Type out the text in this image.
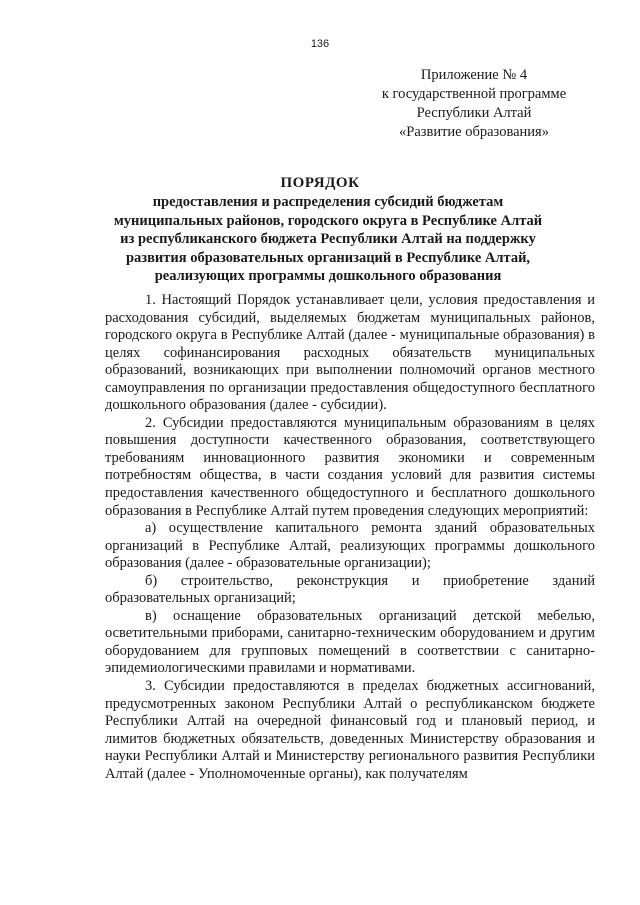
136
Приложение № 4
к государственной программе
Республики Алтай
«Развитие образования»
ПОРЯДОК
предоставления и распределения субсидий бюджетам
муниципальных районов, городского округа в Республике Алтай
из республиканского бюджета Республики Алтай на поддержку
развития образовательных организаций в Республике Алтай,
реализующих программы дошкольного образования

1. Настоящий Порядок устанавливает цели, условия предоставления и расходования субсидий, выделяемых бюджетам муниципальных районов, городского округа в Республике Алтай (далее - муниципальные образования) в целях софинансирования расходных обязательств муниципальных образований, возникающих при выполнении полномочий органов местного самоуправления по организации предоставления общедоступного бесплатного дошкольного образования (далее - субсидии).

2. Субсидии предоставляются муниципальным образованиям в целях повышения доступности качественного образования, соответствующего требованиям инновационного развития экономики и современным потребностям общества, в части создания условий для развития системы предоставления качественного общедоступного и бесплатного дошкольного образования в Республике Алтай путем проведения следующих мероприятий:

а) осуществление капитального ремонта зданий образовательных организаций в Республике Алтай, реализующих программы дошкольного образования (далее - образовательные организации);

б) строительство, реконструкция и приобретение зданий образовательных организаций;

в) оснащение образовательных организаций детской мебелью, осветительными приборами, санитарно-техническим оборудованием и другим оборудованием для групповых помещений в соответствии с санитарно-эпидемиологическими правилами и нормативами.

3. Субсидии предоставляются в пределах бюджетных ассигнований, предусмотренных законом Республики Алтай о республиканском бюджете Республики Алтай на очередной финансовый год и плановый период, и лимитов бюджетных обязательств, доведенных Министерству образования и науки Республики Алтай и Министерству регионального развития Республики Алтай (далее - Уполномоченные органы), как получателям
